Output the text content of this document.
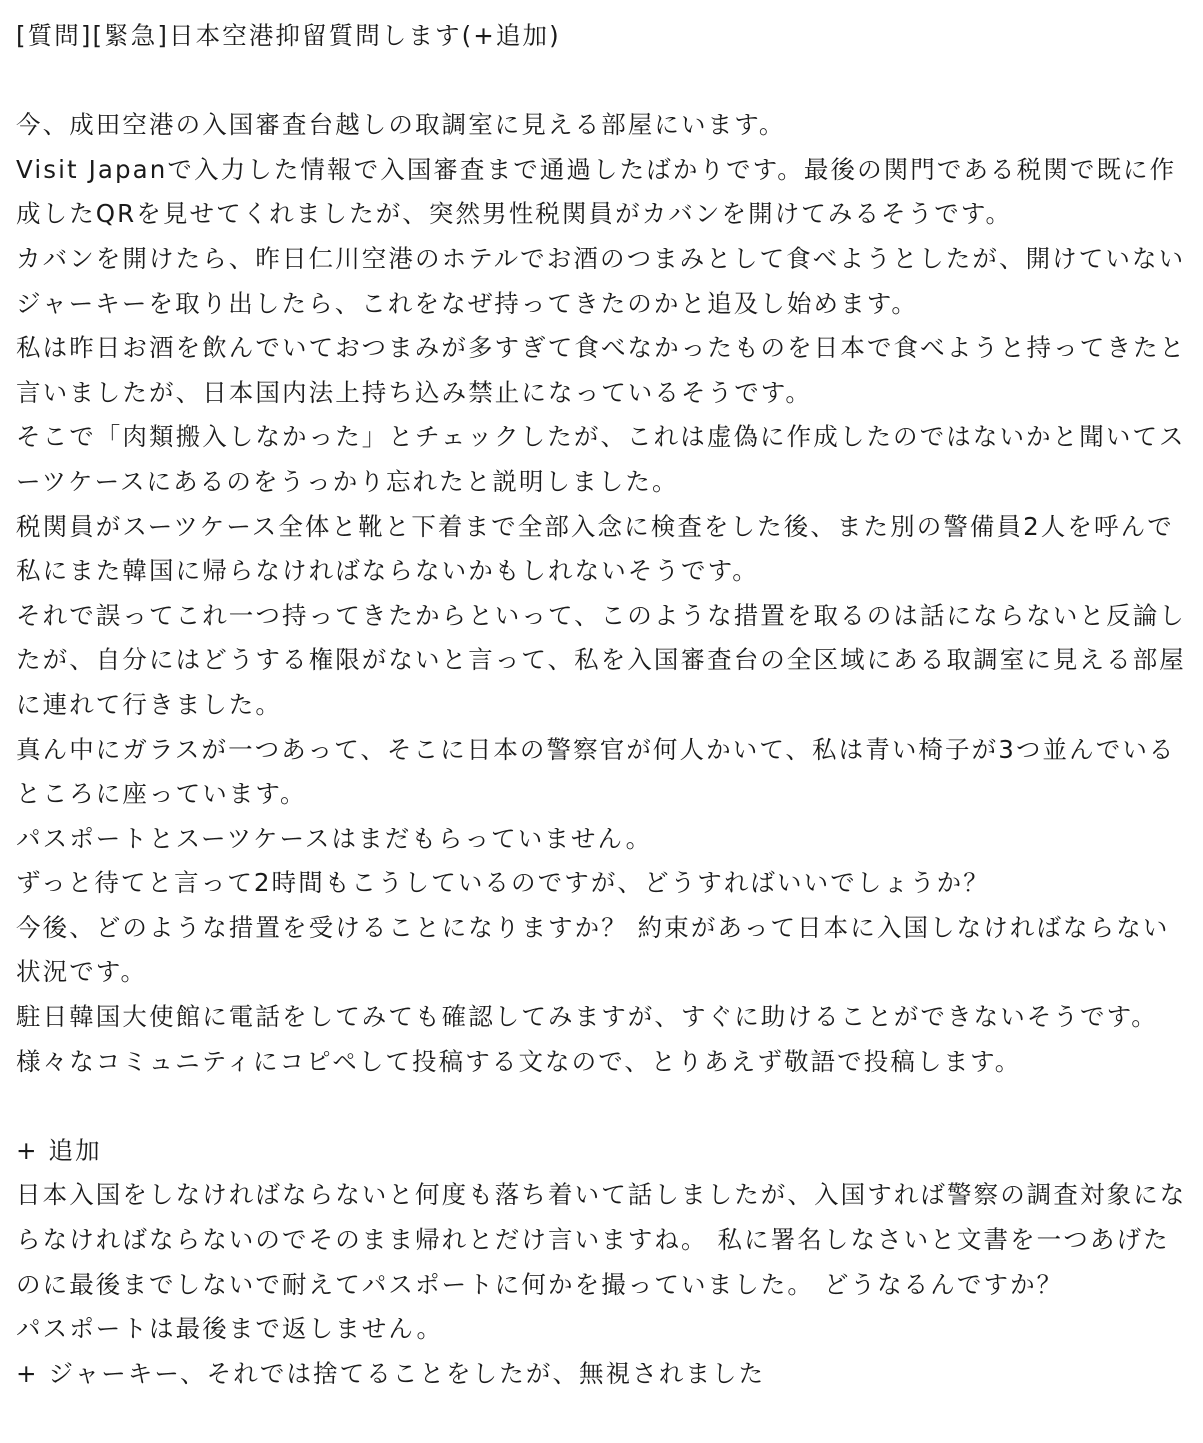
[質問][緊急]日本空港抑留質問します(+追加)

今、成田空港の入国審査台越しの取調室に見える部屋にいます。

Visit Japanで入力した情報で入国審査まで通過したばかりです。最後の関門である税関で既に作成したQRを見せてくれましたが、突然男性税関員がカバンを開けてみるそうです。

カバンを開けたら、昨日仁川空港のホテルでお酒のつまみとして食べようとしたが、開けていないジャーキーを取り出したら、これをなぜ持ってきたのかと追及し始めます。

私は昨日お酒を飲んでいておつまみが多すぎて食べなかったものを日本で食べようと持ってきたと言いましたが、日本国内法上持ち込み禁止になっているそうです。

そこで「肉類搬入しなかった」とチェックしたが、これは虚偽に作成したのではないかと聞いてスーツケースにあるのをうっかり忘れたと説明しました。

税関員がスーツケース全体と靴と下着まで全部入念に検査をした後、また別の警備員2人を呼んで私にまた韓国に帰らなければならないかもしれないそうです。

それで誤ってこれ一つ持ってきたからといって、このような措置を取るのは話にならないと反論したが、自分にはどうする権限がないと言って、私を入国審査台の全区域にある取調室に見える部屋に連れて行きました。

真ん中にガラスが一つあって、そこに日本の警察官が何人かいて、私は青い椅子が3つ並んでいるところに座っています。

パスポートとスーツケースはまだもらっていません。

ずっと待てと言って2時間もこうしているのですが、どうすればいいでしょうか？

今後、どのような措置を受けることになりますか？ 約束があって日本に入国しなければならない状況です。

駐日韓国大使館に電話をしてみても確認してみますが、すぐに助けることができないそうです。

様々なコミュニティにコピペして投稿する文なので、とりあえず敬語で投稿します。

+ 追加

日本入国をしなければならないと何度も落ち着いて話しましたが、入国すれば警察の調査対象にならなければならないのでそのまま帰れとだけ言いますね。 私に署名しなさいと文書を一つあげたのに最後までしないで耐えてパスポートに何かを撮っていました。 どうなるんですか？

パスポートは最後まで返しません。

+ ジャーキー、それでは捨てることをしたが、無視されました
